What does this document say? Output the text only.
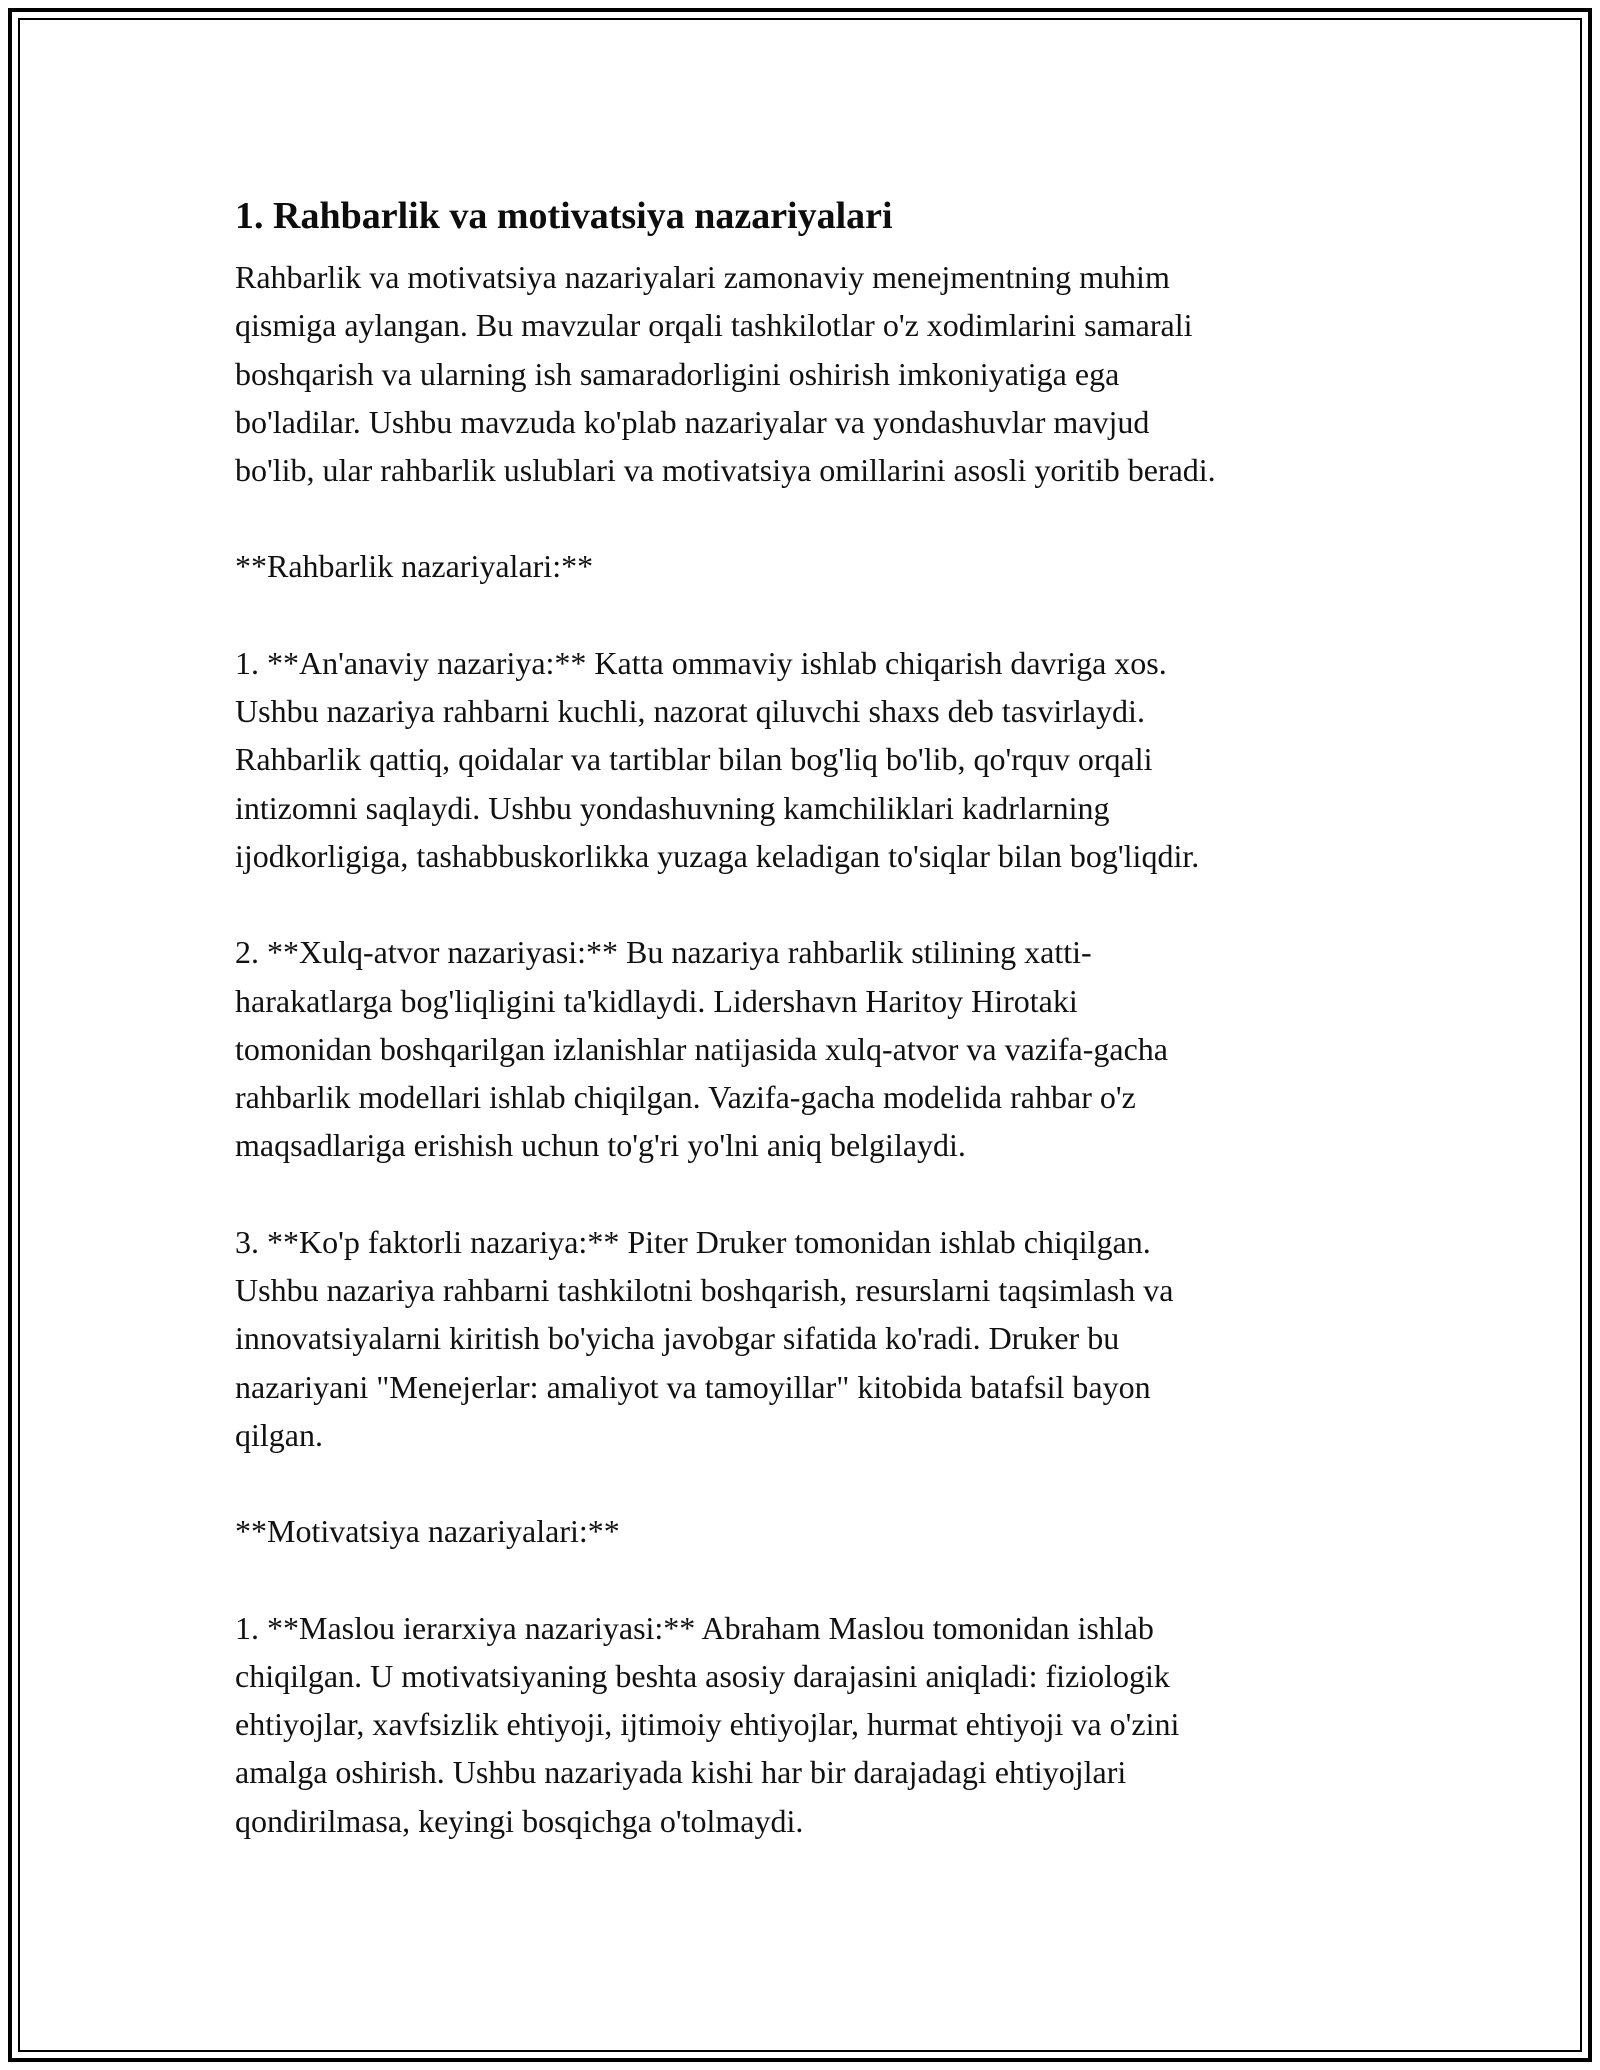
1. Rahbarlik va motivatsiya nazariyalari

Rahbarlik va motivatsiya nazariyalari zamonaviy menejmentning muhim
qismiga aylangan. Bu mavzular orqali tashkilotlar o'z xodimlarini samarali
boshqarish va ularning ish samaradorligini oshirish imkoniyatiga ega
bo'ladilar. Ushbu mavzuda ko'plab nazariyalar va yondashuvlar mavjud
bo'lib, ular rahbarlik uslublari va motivatsiya omillarini asosli yoritib beradi.

**Rahbarlik nazariyalari:**

1. **An'anaviy nazariya:** Katta ommaviy ishlab chiqarish davriga xos.
Ushbu nazariya rahbarni kuchli, nazorat qiluvchi shaxs deb tasvirlaydi.
Rahbarlik qattiq, qoidalar va tartiblar bilan bog'liq bo'lib, qo'rquv orqali
intizomni saqlaydi. Ushbu yondashuvning kamchiliklari kadrlarning
ijodkorligiga, tashabbuskorlikka yuzaga keladigan to'siqlar bilan bog'liqdir.

2. **Xulq-atvor nazariyasi:** Bu nazariya rahbarlik stilining xatti-
harakatlarga bog'liqligini ta'kidlaydi. Lidershavn Haritoy Hirotaki
tomonidan boshqarilgan izlanishlar natijasida xulq-atvor va vazifa-gacha
rahbarlik modellari ishlab chiqilgan. Vazifa-gacha modelida rahbar o'z
maqsadlariga erishish uchun to'g'ri yo'lni aniq belgilaydi.

3. **Ko'p faktorli nazariya:** Piter Druker tomonidan ishlab chiqilgan.
Ushbu nazariya rahbarni tashkilotni boshqarish, resurslarni taqsimlash va
innovatsiyalarni kiritish bo'yicha javobgar sifatida ko'radi. Druker bu
nazariyani "Menejerlar: amaliyot va tamoyillar" kitobida batafsil bayon
qilgan.

**Motivatsiya nazariyalari:**

1. **Maslou ierarxiya nazariyasi:** Abraham Maslou tomonidan ishlab
chiqilgan. U motivatsiyaning beshta asosiy darajasini aniqladi: fiziologik
ehtiyojlar, xavfsizlik ehtiyoji, ijtimoiy ehtiyojlar, hurmat ehtiyoji va o'zini
amalga oshirish. Ushbu nazariyada kishi har bir darajadagi ehtiyojlari
qondirilmasa, keyingi bosqichga o'tolmaydi.
